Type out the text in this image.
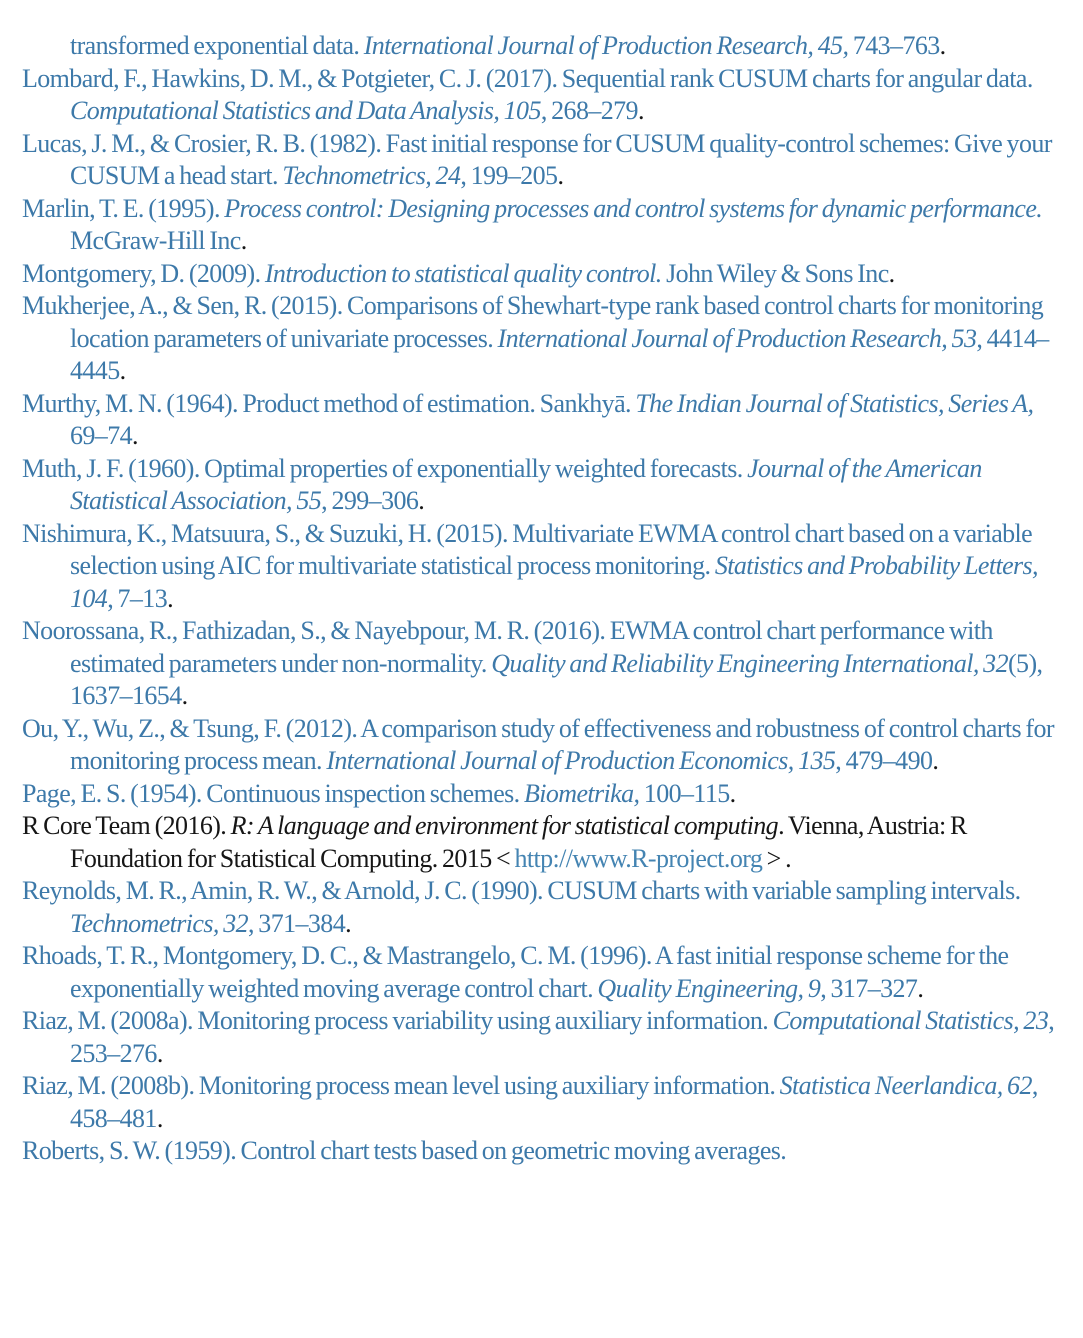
transformed exponential data. International Journal of Production Research, 45, 743–763.

Lombard, F., Hawkins, D. M., & Potgieter, C. J. (2017). Sequential rank CUSUM charts for angular data. Computational Statistics and Data Analysis, 105, 268–279.

Lucas, J. M., & Crosier, R. B. (1982). Fast initial response for CUSUM quality-control schemes: Give your CUSUM a head start. Technometrics, 24, 199–205.

Marlin, T. E. (1995). Process control: Designing processes and control systems for dynamic performance. McGraw-Hill Inc.

Montgomery, D. (2009). Introduction to statistical quality control. John Wiley & Sons Inc.

Mukherjee, A., & Sen, R. (2015). Comparisons of Shewhart-type rank based control charts for monitoring location parameters of univariate processes. International Journal of Production Research, 53, 4414–4445.

Murthy, M. N. (1964). Product method of estimation. Sankhyā. The Indian Journal of Statistics, Series A, 69–74.

Muth, J. F. (1960). Optimal properties of exponentially weighted forecasts. Journal of the American Statistical Association, 55, 299–306.

Nishimura, K., Matsuura, S., & Suzuki, H. (2015). Multivariate EWMA control chart based on a variable selection using AIC for multivariate statistical process monitoring. Statistics and Probability Letters, 104, 7–13.

Noorossana, R., Fathizadan, S., & Nayebpour, M. R. (2016). EWMA control chart performance with estimated parameters under non-normality. Quality and Reliability Engineering International, 32(5), 1637–1654.

Ou, Y., Wu, Z., & Tsung, F. (2012). A comparison study of effectiveness and robustness of control charts for monitoring process mean. International Journal of Production Economics, 135, 479–490.

Page, E. S. (1954). Continuous inspection schemes. Biometrika, 100–115.

R Core Team (2016). R: A language and environment for statistical computing. Vienna, Austria: R Foundation for Statistical Computing. 2015 < http://www.R-project.org > .

Reynolds, M. R., Amin, R. W., & Arnold, J. C. (1990). CUSUM charts with variable sampling intervals. Technometrics, 32, 371–384.

Rhoads, T. R., Montgomery, D. C., & Mastrangelo, C. M. (1996). A fast initial response scheme for the exponentially weighted moving average control chart. Quality Engineering, 9, 317–327.

Riaz, M. (2008a). Monitoring process variability using auxiliary information. Computational Statistics, 23, 253–276.

Riaz, M. (2008b). Monitoring process mean level using auxiliary information. Statistica Neerlandica, 62, 458–481.

Roberts, S. W. (1959). Control chart tests based on geometric moving averages.
